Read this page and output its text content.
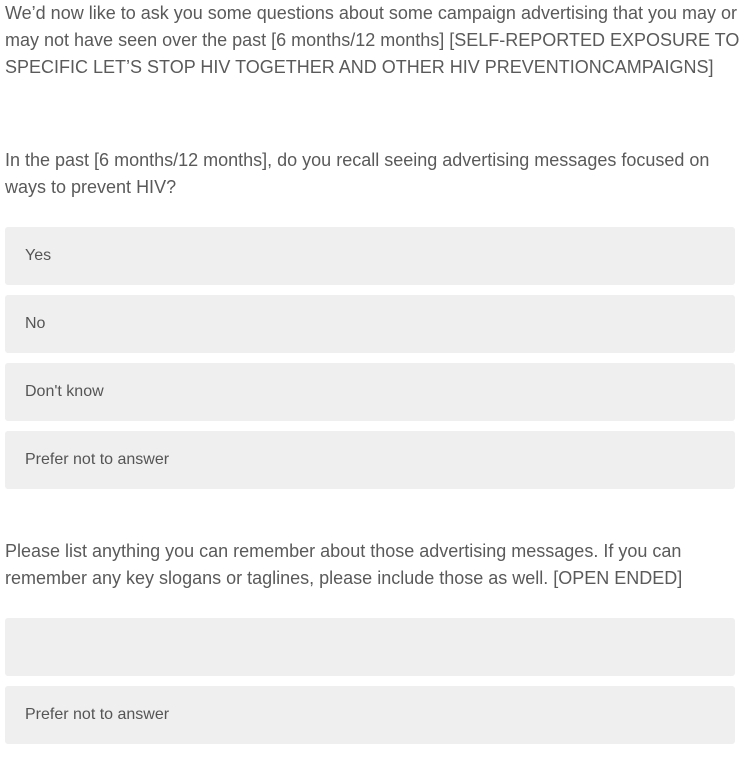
We’d now like to ask you some questions about some campaign advertising that you may or may not have seen over the past [6 months/12 months] [SELF-REPORTED EXPOSURE TO SPECIFIC LET’S STOP HIV TOGETHER AND OTHER HIV PREVENTIONCAMPAIGNS]

In the past [6 months/12 months], do you recall seeing advertising messages focused on ways to prevent HIV?

Yes
No
Don't know
Prefer not to answer

Please list anything you can remember about those advertising messages. If you can remember any key slogans or taglines, please include those as well. [OPEN ENDED]

Prefer not to answer
